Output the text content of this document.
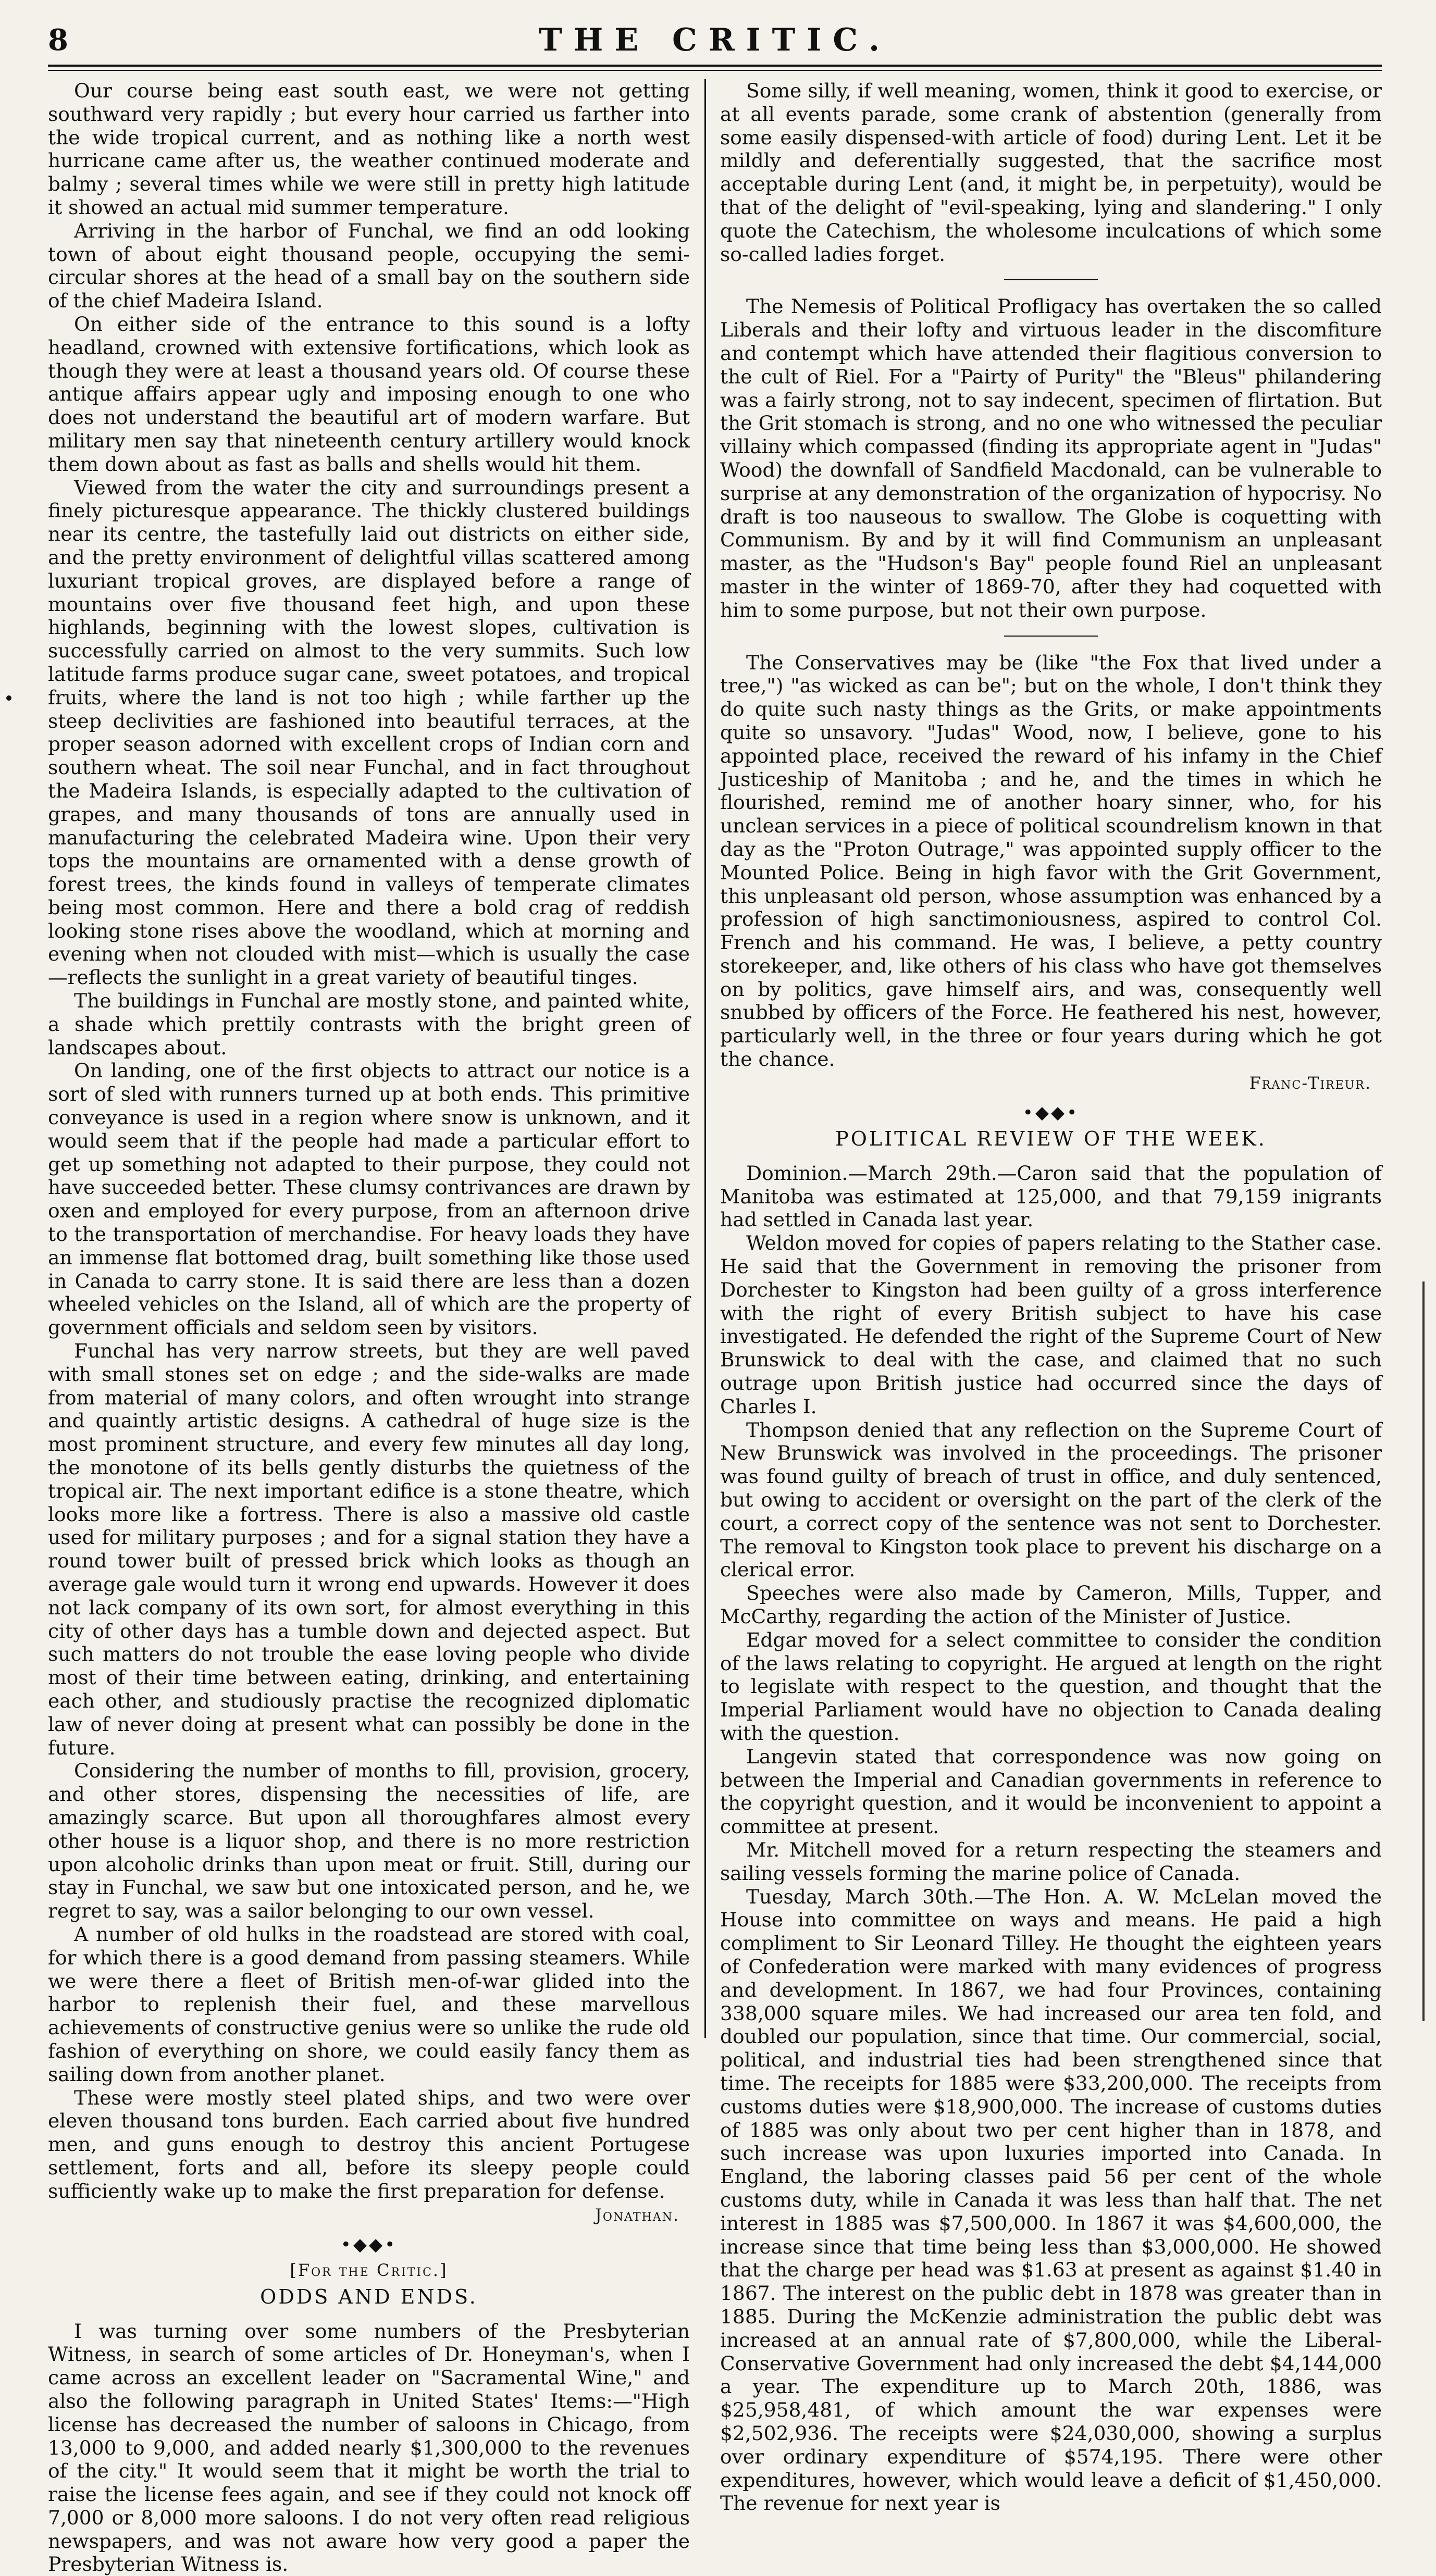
8	THE CRITIC.

Our course being east south east, we were not getting southward very rapidly ; but every hour carried us farther into the wide tropical current, and as nothing like a north west hurricane came after us, the weather continued moderate and balmy ; several times while we were still in pretty high latitude it showed an actual mid summer temperature.

Arriving in the harbor of Funchal, we find an odd looking town of about eight thousand people, occupying the semi-circular shores at the head of a small bay on the southern side of the chief Madeira Island.

On either side of the entrance to this sound is a lofty headland, crowned with extensive fortifications, which look as though they were at least a thousand years old. Of course these antique affairs appear ugly and imposing enough to one who does not understand the beautiful art of modern warfare. But military men say that nineteenth century artillery would knock them down about as fast as balls and shells would hit them.

Viewed from the water the city and surroundings present a finely picturesque appearance. The thickly clustered buildings near its centre, the tastefully laid out districts on either side, and the pretty environment of delightful villas scattered among luxuriant tropical groves, are displayed before a range of mountains over five thousand feet high, and upon these highlands, beginning with the lowest slopes, cultivation is successfully carried on almost to the very summits. Such low latitude farms produce sugar cane, sweet potatoes, and tropical fruits, where the land is not too high ; while farther up the steep declivities are fashioned into beautiful terraces, at the proper season adorned with excellent crops of Indian corn and southern wheat. The soil near Funchal, and in fact throughout the Madeira Islands, is especially adapted to the cultivation of grapes, and many thousands of tons are annually used in manufacturing the celebrated Madeira wine. Upon their very tops the mountains are ornamented with a dense growth of forest trees, the kinds found in valleys of temperate climates being most common. Here and there a bold crag of reddish looking stone rises above the woodland, which at morning and evening when not clouded with mist—which is usually the case—reflects the sunlight in a great variety of beautiful tinges.

The buildings in Funchal are mostly stone, and painted white, a shade which prettily contrasts with the bright green of landscapes about.

On landing, one of the first objects to attract our notice is a sort of sled with runners turned up at both ends. This primitive conveyance is used in a region where snow is unknown, and it would seem that if the people had made a particular effort to get up something not adapted to their purpose, they could not have succeeded better. These clumsy contrivances are drawn by oxen and employed for every purpose, from an afternoon drive to the transportation of merchandise. For heavy loads they have an immense flat bottomed drag, built something like those used in Canada to carry stone. It is said there are less than a dozen wheeled vehicles on the Island, all of which are the property of government officials and seldom seen by visitors.

Funchal has very narrow streets, but they are well paved with small stones set on edge ; and the side-walks are made from material of many colors, and often wrought into strange and quaintly artistic designs. A cathedral of huge size is the most prominent structure, and every few minutes all day long, the monotone of its bells gently disturbs the quietness of the tropical air. The next important edifice is a stone theatre, which looks more like a fortress. There is also a massive old castle used for military purposes ; and for a signal station they have a round tower built of pressed brick which looks as though an average gale would turn it wrong end upwards. However it does not lack company of its own sort, for almost everything in this city of other days has a tumble down and dejected aspect. But such matters do not trouble the ease loving people who divide most of their time between eating, drinking, and entertaining each other, and studiously practise the recognized diplomatic law of never doing at present what can possibly be done in the future.

Considering the number of months to fill, provision, grocery, and other stores, dispensing the necessities of life, are amazingly scarce. But upon all thoroughfares almost every other house is a liquor shop, and there is no more restriction upon alcoholic drinks than upon meat or fruit. Still, during our stay in Funchal, we saw but one intoxicated person, and he, we regret to say, was a sailor belonging to our own vessel.

A number of old hulks in the roadstead are stored with coal, for which there is a good demand from passing steamers. While we were there a fleet of British men-of-war glided into the harbor to replenish their fuel, and these marvellous achievements of constructive genius were so unlike the rude old fashion of everything on shore, we could easily fancy them as sailing down from another planet.

These were mostly steel plated ships, and two were over eleven thousand tons burden. Each carried about five hundred men, and guns enough to destroy this ancient Portugese settlement, forts and all, before its sleepy people could sufficiently wake up to make the first preparation for defense.

Jonathan.
•◆◆•
[For the Critic.]
ODDS AND ENDS.

I was turning over some numbers of the Presbyterian Witness, in search of some articles of Dr. Honeyman's, when I came across an excellent leader on "Sacramental Wine," and also the following paragraph in United States' Items:—"High license has decreased the number of saloons in Chicago, from 13,000 to 9,000, and added nearly $1,300,000 to the revenues of the city." It would seem that it might be worth the trial to raise the license fees again, and see if they could not knock off 7,000 or 8,000 more saloons. I do not very often read religious newspapers, and was not aware how very good a paper the Presbyterian Witness is.

Some silly, if well meaning, women, think it good to exercise, or at all events parade, some crank of abstention (generally from some easily dispensed-with article of food) during Lent. Let it be mildly and deferentially suggested, that the sacrifice most acceptable during Lent (and, it might be, in perpetuity), would be that of the delight of "evil-speaking, lying and slandering." I only quote the Catechism, the wholesome inculcations of which some so-called ladies forget.

The Nemesis of Political Profligacy has overtaken the so called Liberals and their lofty and virtuous leader in the discomfiture and contempt which have attended their flagitious conversion to the cult of Riel. For a "Pairty of Purity" the "Bleus" philandering was a fairly strong, not to say indecent, specimen of flirtation. But the Grit stomach is strong, and no one who witnessed the peculiar villainy which compassed (finding its appropriate agent in "Judas" Wood) the downfall of Sandfield Macdonald, can be vulnerable to surprise at any demonstration of the organization of hypocrisy. No draft is too nauseous to swallow. The Globe is coquetting with Communism. By and by it will find Communism an unpleasant master, as the "Hudson's Bay" people found Riel an unpleasant master in the winter of 1869-70, after they had coquetted with him to some purpose, but not their own purpose.

The Conservatives may be (like "the Fox that lived under a tree,") "as wicked as can be"; but on the whole, I don't think they do quite such nasty things as the Grits, or make appointments quite so unsavory. "Judas" Wood, now, I believe, gone to his appointed place, received the reward of his infamy in the Chief Justiceship of Manitoba ; and he, and the times in which he flourished, remind me of another hoary sinner, who, for his unclean services in a piece of political scoundrelism known in that day as the "Proton Outrage," was appointed supply officer to the Mounted Police. Being in high favor with the Grit Government, this unpleasant old person, whose assumption was enhanced by a profession of high sanctimoniousness, aspired to control Col. French and his command. He was, I believe, a petty country storekeeper, and, like others of his class who have got themselves on by politics, gave himself airs, and was, consequently well snubbed by officers of the Force. He feathered his nest, however, particularly well, in the three or four years during which he got the chance.

Franc-Tireur.
•◆◆•
POLITICAL REVIEW OF THE WEEK.

Dominion.—March 29th.—Caron said that the population of Manitoba was estimated at 125,000, and that 79,159 inigrants had settled in Canada last year.

Weldon moved for copies of papers relating to the Stather case. He said that the Government in removing the prisoner from Dorchester to Kingston had been guilty of a gross interference with the right of every British subject to have his case investigated. He defended the right of the Supreme Court of New Brunswick to deal with the case, and claimed that no such outrage upon British justice had occurred since the days of Charles I.

Thompson denied that any reflection on the Supreme Court of New Brunswick was involved in the proceedings. The prisoner was found guilty of breach of trust in office, and duly sentenced, but owing to accident or oversight on the part of the clerk of the court, a correct copy of the sentence was not sent to Dorchester. The removal to Kingston took place to prevent his discharge on a clerical error.

Speeches were also made by Cameron, Mills, Tupper, and McCarthy, regarding the action of the Minister of Justice.

Edgar moved for a select committee to consider the condition of the laws relating to copyright. He argued at length on the right to legislate with respect to the question, and thought that the Imperial Parliament would have no objection to Canada dealing with the question.

Langevin stated that correspondence was now going on between the Imperial and Canadian governments in reference to the copyright question, and it would be inconvenient to appoint a committee at present.

Mr. Mitchell moved for a return respecting the steamers and sailing vessels forming the marine police of Canada.

Tuesday, March 30th.—The Hon. A. W. McLelan moved the House into committee on ways and means. He paid a high compliment to Sir Leonard Tilley. He thought the eighteen years of Confederation were marked with many evidences of progress and development. In 1867, we had four Provinces, containing 338,000 square miles. We had increased our area ten fold, and doubled our population, since that time. Our commercial, social, political, and industrial ties had been strengthened since that time. The receipts for 1885 were $33,200,000. The receipts from customs duties were $18,900,000. The increase of customs duties of 1885 was only about two per cent higher than in 1878, and such increase was upon luxuries imported into Canada. In England, the laboring classes paid 56 per cent of the whole customs duty, while in Canada it was less than half that. The net interest in 1885 was $7,500,000. In 1867 it was $4,600,000, the increase since that time being less than $3,000,000. He showed that the charge per head was $1.63 at present as against $1.40 in 1867. The interest on the public debt in 1878 was greater than in 1885. During the McKenzie administration the public debt was increased at an annual rate of $7,800,000, while the Liberal-Conservative Government had only increased the debt $4,144,000 a year. The expenditure up to March 20th, 1886, was $25,958,481, of which amount the war expenses were $2,502,936. The receipts were $24,030,000, showing a surplus over ordinary expenditure of $574,195. There were other expenditures, however, which would leave a deficit of $1,450,000. The revenue for next year is
